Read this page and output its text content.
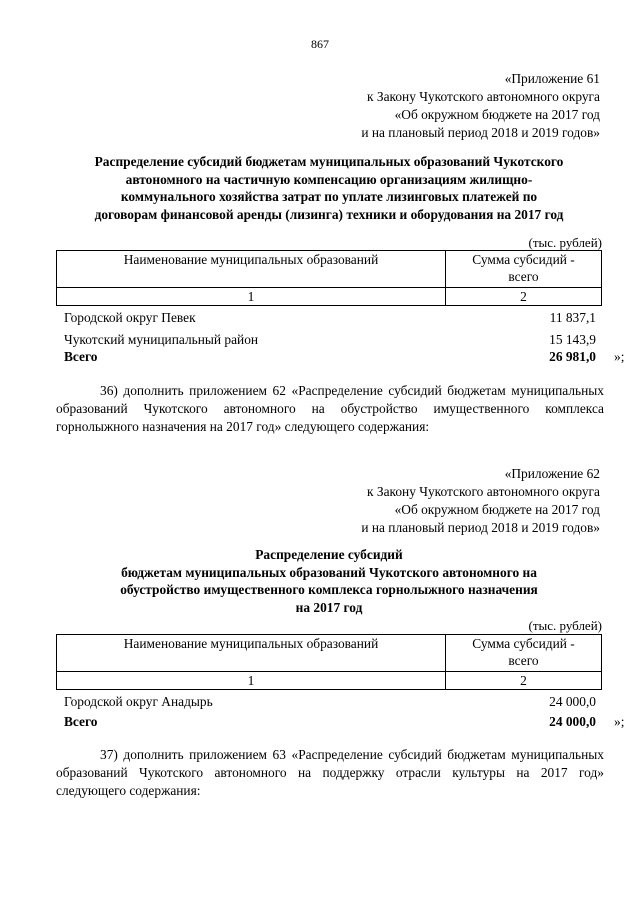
867
«Приложение 61
к Закону Чукотского автономного округа
«Об окружном бюджете на 2017 год
и на плановый период 2018 и 2019 годов»
Распределение субсидий бюджетам муниципальных образований Чукотского
автономного на частичную компенсацию организациям жилищно-
коммунального хозяйства затрат по уплате лизинговых платежей по
договорам финансовой аренды (лизинга) техники и оборудования на 2017 год
(тыс. рублей)
Наименование муниципальных образований	Сумма субсидий -
всего
1	2
Городской округ Певек	11 837,1
Чукотский муниципальный район	15 143,9
Всего	26 981,0 »;
36) дополнить приложением 62 «Распределение субсидий бюджетам муниципальных образований Чукотского автономного на обустройство имущественного комплекса горнолыжного назначения на 2017 год» следующего содержания:
«Приложение 62
к Закону Чукотского автономного округа
«Об окружном бюджете на 2017 год
и на плановый период 2018 и 2019 годов»
Распределение субсидий
бюджетам муниципальных образований Чукотского автономного на
обустройство имущественного комплекса горнолыжного назначения
на 2017 год
(тыс. рублей)
Наименование муниципальных образований	Сумма субсидий -
всего
1	2
Городской округ Анадырь	24 000,0
Всего	24 000,0 »;
37) дополнить приложением 63 «Распределение субсидий бюджетам муниципальных образований Чукотского автономного на поддержку отрасли культуры на 2017 год» следующего содержания:
